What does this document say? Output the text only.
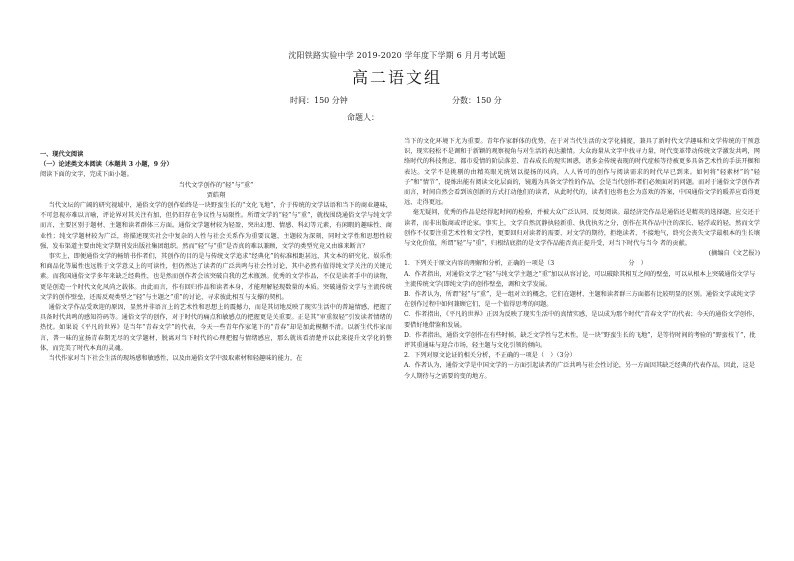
沈阳铁路实验中学 2019-2020 学年度下学期 6 月月考试题
高二语文组
时间：150 分钟	分数：150 分
命题人：

一、现代文阅读

（一）论述类文本阅读（本题共 3 小题，9 分）

阅读下面的文字，完成下面小题。

当代文学创作的“轻”与“重”

贾皓翔

当代文坛的广阔的研究视域中，通俗文学的创作始终是一块野蛮生长的“文化飞地”，介于传统的文学话语和当下的商业趣味，不可忽视亦难以言喻，评论界对其关注有加，但仍旧存在争议性与局限性。所谓文学的“轻”与“重”，就找围绕通俗文学与纯文学而言，主要区别于题材、主题和读者群体三方面。通俗文学题材较为轻盈，突出幻想、情感、科幻等元素，有闲暇的趣味性、商业性；纯文学题材较为广泛，将描述现实社会中复杂的人性与社会关系作为重要议题，主题较为深刻，同时文学性和思想性较强，发布渠道主要由纯文学期刊发出版社集团组织。然而“轻”与“重”是否真的难以兼顾，文学的类型究竟又由谁来断言？

事实上，即便通俗文学的畅销书作者们，其创作的目的是与传统文学追求“经典化”的标准相距甚远，其文本的研究化、娱乐性和商品化等属性也远胜于文学意义上的可读性，但仍然达了读者的广泛共鸣与社会性讨论，其中必然有值得纯文学关注的关键元素。而我国通俗文学多年来缺乏经典性，也是然而创作者会该突破自我的艺术瓶颈。优秀的文学作品，不仅是读者手中的读物，更是创造一个时代文化风尚之载体。由此而言，作有回归作品和读者本身，才能理解轻现数量的本质。突破通俗文学与主流传统文学的创作壁垒，还需反观类型之“轻”与主题之“重”的讨论，寻求彼此相互与支撑的契机。

通俗文学作品受欢迎的原因，显然并非语言上的艺术性和思想上的震撼力，而是其切地反映了现实生活中的普遍情感，把握了具备时代共鸣的感知符码等。通俗文学的创作，对于时代的痛点和敏感点的把握更是关重要。正是其“审重叙轻”引发读者情绪的热忱。如果说《平凡的世界》是当年“青春文学”的代表，今天一些青年作家笔下的“青春”却是加此模糊不清。以新生代作家而言，普一味的宣扬青春期无尽的文学题材，脱离对当下时代的心理把握与情绪感应，那么就该看清楚并以此来提升文学化的整体，而完美了时代本真的灵魂。

当代作家对当下社会生活的现场感和敏感性，以及由通俗文学中汲取素材和轻趣味的能力，在

当下的文化环境下尤为重要。青年作家群体的优势，在于对当代生活的文学化捕捉，兼具了新时代文学趣味和文学传统的干预意识，现实轻松不是调和于新颖的观察视角与对生活的表达激情。大众海量从文字中找寻力量，时代变革带动传统文学激发共鸣，网络时代的科技焦虑、都市爱情的阶层落差、青春成长的现实困惑，诸多金传统表现的时代症候等待被更多具备艺术性的手法开掘和表达。文学不是挑剔的由精英眼光统划以提扬的风尚，人人皆可的创作与阅读需求的时代早已到来。如何将“轻素材”的“轻子”和“情节”，提炼出能有阅读文化层面的，镜遇为具备文学性的作品，会是当代创作者们必须面对的问题。而对于通俗文学创作者而言，时间自然会看到该创新的方式打动他们的读者，从此时代的，读者们也将也会为喜欢的答案，中国通俗文学的暖养应看得更远、走得更远。

毫无疑问，优秀的作品是经得起时间的检验，并被大众广泛认同、反复阅读。最经济完作品是通俗还是精英的选择题，应交还于读者，而非出版商或评论家。事实上，文学自然沉静执轻新重、执优执劣之分，创作在其作品中注的深长、轻浮或的轻，然而文学创作不仅要注重艺术性和文学性，更要回归对读者的需要、对文学的期待，拒绝读者、不接地气，終究会丧失文学最根本的生长壤与文化价值，所谓“轻”与“重”，归根结底指的是文学作品能否真正提升受，对当下时代与当今 者的贡献。

(摘编自《文艺报》)

1．下列关于原文内容的理解和分析，正确的一项是（3　　　　　　　　　　　　分　）

A．作者指出，对通俗文学之“轻”与纯文学主题之“重”加以从容讨论，可以破除其相互之间的壁垒，可以从根本上突破通俗文学与主流传统文学(即纯文学)的创作壁垒，调和文学发展。

B．作者认为，所谓“轻”与“重”，是一组对立的概念，它们在题材、主题和读者群三方面都有比较明显的区别。通俗文学或纯文学在创作过程中如何兼顾它们，是一个值得思考的问题。

C．作者指出，《平凡的世界》正因为反映了现实生活中的真情实感，是以成为那个时代“青春文学”的代表；今天的通俗文学创作，要借好地借鉴和发展。

D．作者指出，通俗文学创作在有些时候，缺乏文学性与艺术性，是一块“野蛮生长的飞地”，是等待时间的考验的“野蛮枝丫”，批评其重通味与迎合市场，轻主题与文化引领的倾向。

2．下列对原文论证的相关分析，不正确的一项是（　）（3分）

A．作者认为，通俗文学是中国文学的一方面引起读者的广泛共鸣与社会性讨论，另一方面因其缺乏经典的代表作品，因此，这是令人期待与之需要的变的地方。
